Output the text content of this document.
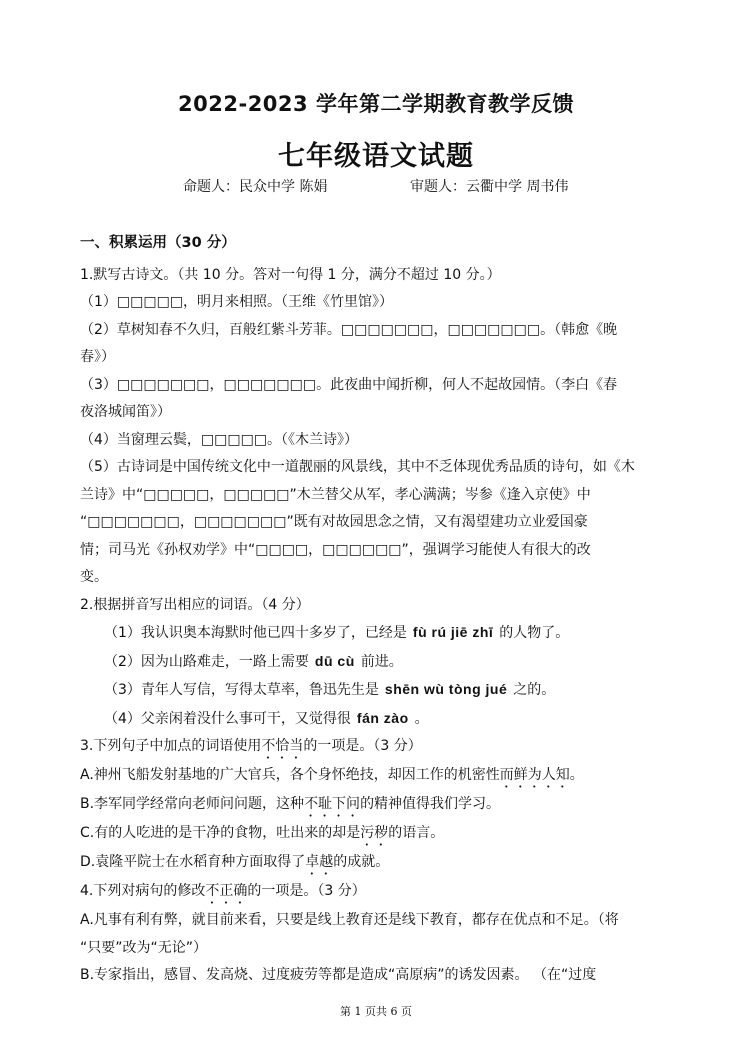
2022-2023 学年第二学期教育教学反馈
七年级语文试题
命题人：民众中学 陈娟	审题人：云衢中学 周书伟

一、积累运用（30 分）

1.默写古诗文。（共 10 分。答对一句得 1 分，满分不超过 10 分。）

（1）□□□□□，明月来相照。（王维《竹里馆》）

（2）草树知春不久归，百般红紫斗芳菲。□□□□□□□，□□□□□□□。（韩愈《晚

春》）

（3）□□□□□□□，□□□□□□□。此夜曲中闻折柳，何人不起故园情。（李白《春

夜洛城闻笛》）

（4）当窗理云鬓，□□□□□。（《木兰诗》）

（5）古诗词是中国传统文化中一道靓丽的风景线，其中不乏体现优秀品质的诗句，如《木

兰诗》中“□□□□□，□□□□□”木兰替父从军，孝心满满；岑参《逢入京使》中

“□□□□□□□，□□□□□□□”既有对故园思念之情，又有渴望建功立业爱国豪

情；司马光《孙权劝学》中“□□□□，□□□□□□”，强调学习能使人有很大的改

变。

2.根据拼音写出相应的词语。（4 分）

（1）我认识奥本海默时他已四十多岁了，已经是 fù rú jiē zhī 的人物了。

（2）因为山路难走，一路上需要 dū cù 前进。

（3）青年人写信，写得太草率，鲁迅先生是 shēn wù tòng jué 之的。

（4）父亲闲着没什么事可干，又觉得很 fán zào 。

3.下列句子中加点的词语使用不恰当的一项是。（3 分）

A.神州飞船发射基地的广大官兵，各个身怀绝技，却因工作的机密性而鲜为人知。

B.李军同学经常向老师问问题，这种不耻下问的精神值得我们学习。

C.有的人吃进的是干净的食物，吐出来的却是污秽的语言。

D.袁隆平院士在水稻育种方面取得了卓越的成就。

4.下列对病句的修改不正确的一项是。（3 分）

A.凡事有利有弊，就目前来看，只要是线上教育还是线下教育，都存在优点和不足。（将

“只要”改为“无论”）

B.专家指出，感冒、发高烧、过度疲劳等都是造成“高原病”的诱发因素。 （在“过度

第 1 页共 6 页
